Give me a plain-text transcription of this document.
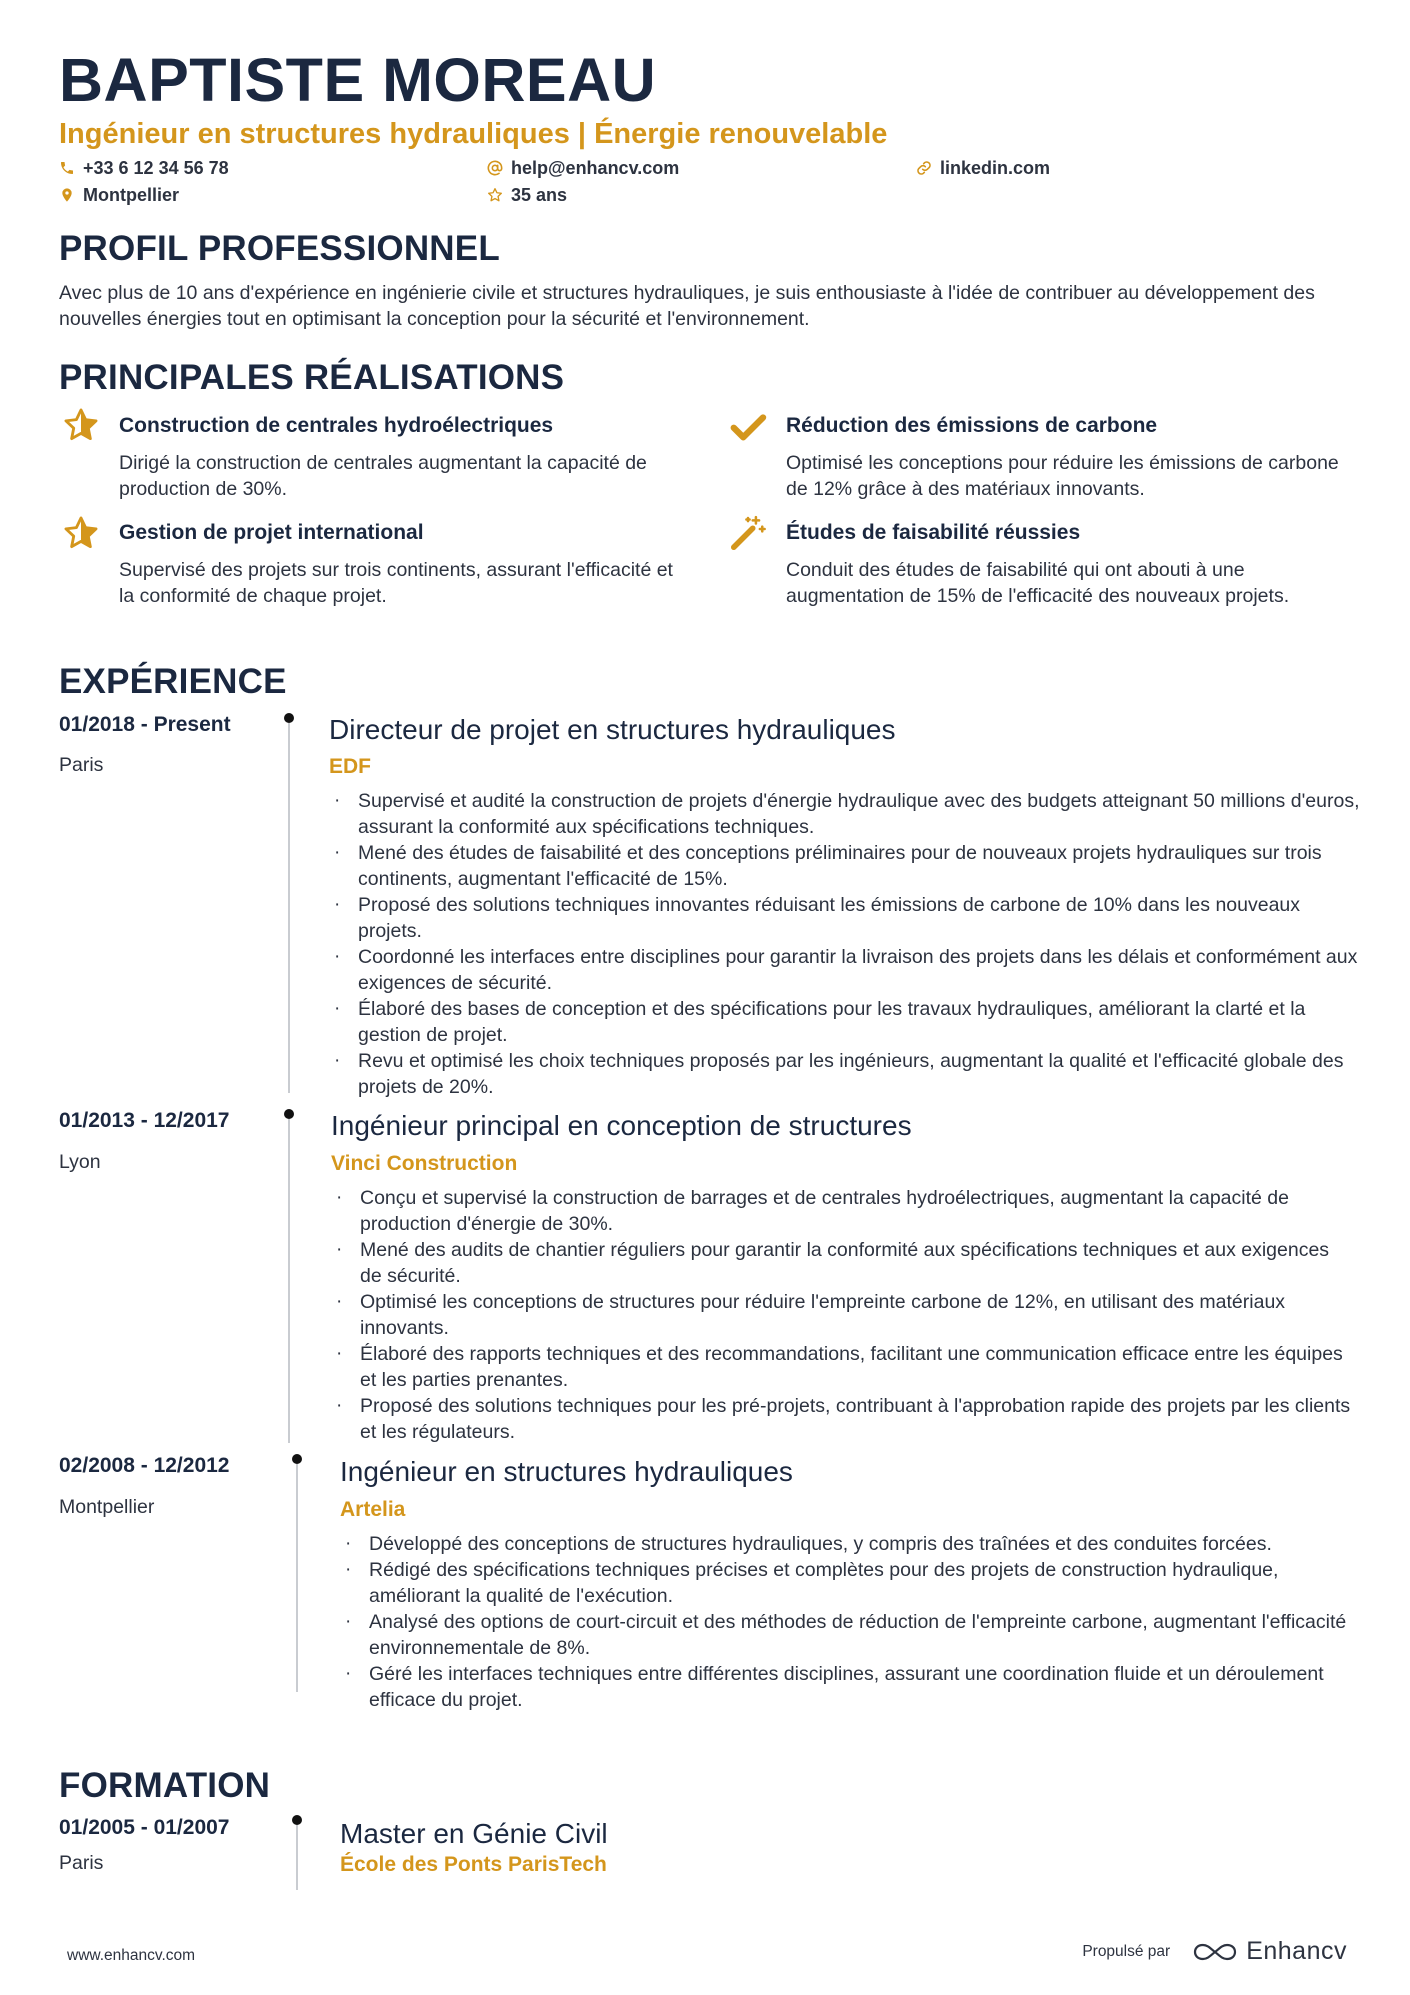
BAPTISTE MOREAU
Ingénieur en structures hydrauliques | Énergie renouvelable
+33 6 12 34 56 78	help@enhancv.com	linkedin.com
Montpellier	35 ans
PROFIL PROFESSIONNEL
Avec plus de 10 ans d'expérience en ingénierie civile et structures hydrauliques, je suis enthousiaste à l'idée de contribuer au développement des nouvelles énergies tout en optimisant la conception pour la sécurité et l'environnement.
PRINCIPALES RÉALISATIONS
Construction de centrales hydroélectriques
Dirigé la construction de centrales augmentant la capacité de production de 30%.
Réduction des émissions de carbone
Optimisé les conceptions pour réduire les émissions de carbone de 12% grâce à des matériaux innovants.
Gestion de projet international
Supervisé des projets sur trois continents, assurant l'efficacité et la conformité de chaque projet.
Études de faisabilité réussies
Conduit des études de faisabilité qui ont abouti à une augmentation de 15% de l'efficacité des nouveaux projets.
EXPÉRIENCE
01/2018 - Present
Paris
Directeur de projet en structures hydrauliques
EDF
· Supervisé et audité la construction de projets d'énergie hydraulique avec des budgets atteignant 50 millions d'euros, assurant la conformité aux spécifications techniques.
· Mené des études de faisabilité et des conceptions préliminaires pour de nouveaux projets hydrauliques sur trois continents, augmentant l'efficacité de 15%.
· Proposé des solutions techniques innovantes réduisant les émissions de carbone de 10% dans les nouveaux projets.
· Coordonné les interfaces entre disciplines pour garantir la livraison des projets dans les délais et conformément aux exigences de sécurité.
· Élaboré des bases de conception et des spécifications pour les travaux hydrauliques, améliorant la clarté et la gestion de projet.
· Revu et optimisé les choix techniques proposés par les ingénieurs, augmentant la qualité et l'efficacité globale des projets de 20%.
01/2013 - 12/2017
Lyon
Ingénieur principal en conception de structures
Vinci Construction
· Conçu et supervisé la construction de barrages et de centrales hydroélectriques, augmentant la capacité de production d'énergie de 30%.
· Mené des audits de chantier réguliers pour garantir la conformité aux spécifications techniques et aux exigences de sécurité.
· Optimisé les conceptions de structures pour réduire l'empreinte carbone de 12%, en utilisant des matériaux innovants.
· Élaboré des rapports techniques et des recommandations, facilitant une communication efficace entre les équipes et les parties prenantes.
· Proposé des solutions techniques pour les pré-projets, contribuant à l'approbation rapide des projets par les clients et les régulateurs.
02/2008 - 12/2012
Montpellier
Ingénieur en structures hydrauliques
Artelia
· Développé des conceptions de structures hydrauliques, y compris des traînées et des conduites forcées.
· Rédigé des spécifications techniques précises et complètes pour des projets de construction hydraulique, améliorant la qualité de l'exécution.
· Analysé des options de court-circuit et des méthodes de réduction de l'empreinte carbone, augmentant l'efficacité environnementale de 8%.
· Géré les interfaces techniques entre différentes disciplines, assurant une coordination fluide et un déroulement efficace du projet.
FORMATION
01/2005 - 01/2007
Paris
Master en Génie Civil
École des Ponts ParisTech
www.enhancv.com	Propulsé par	Enhancv
